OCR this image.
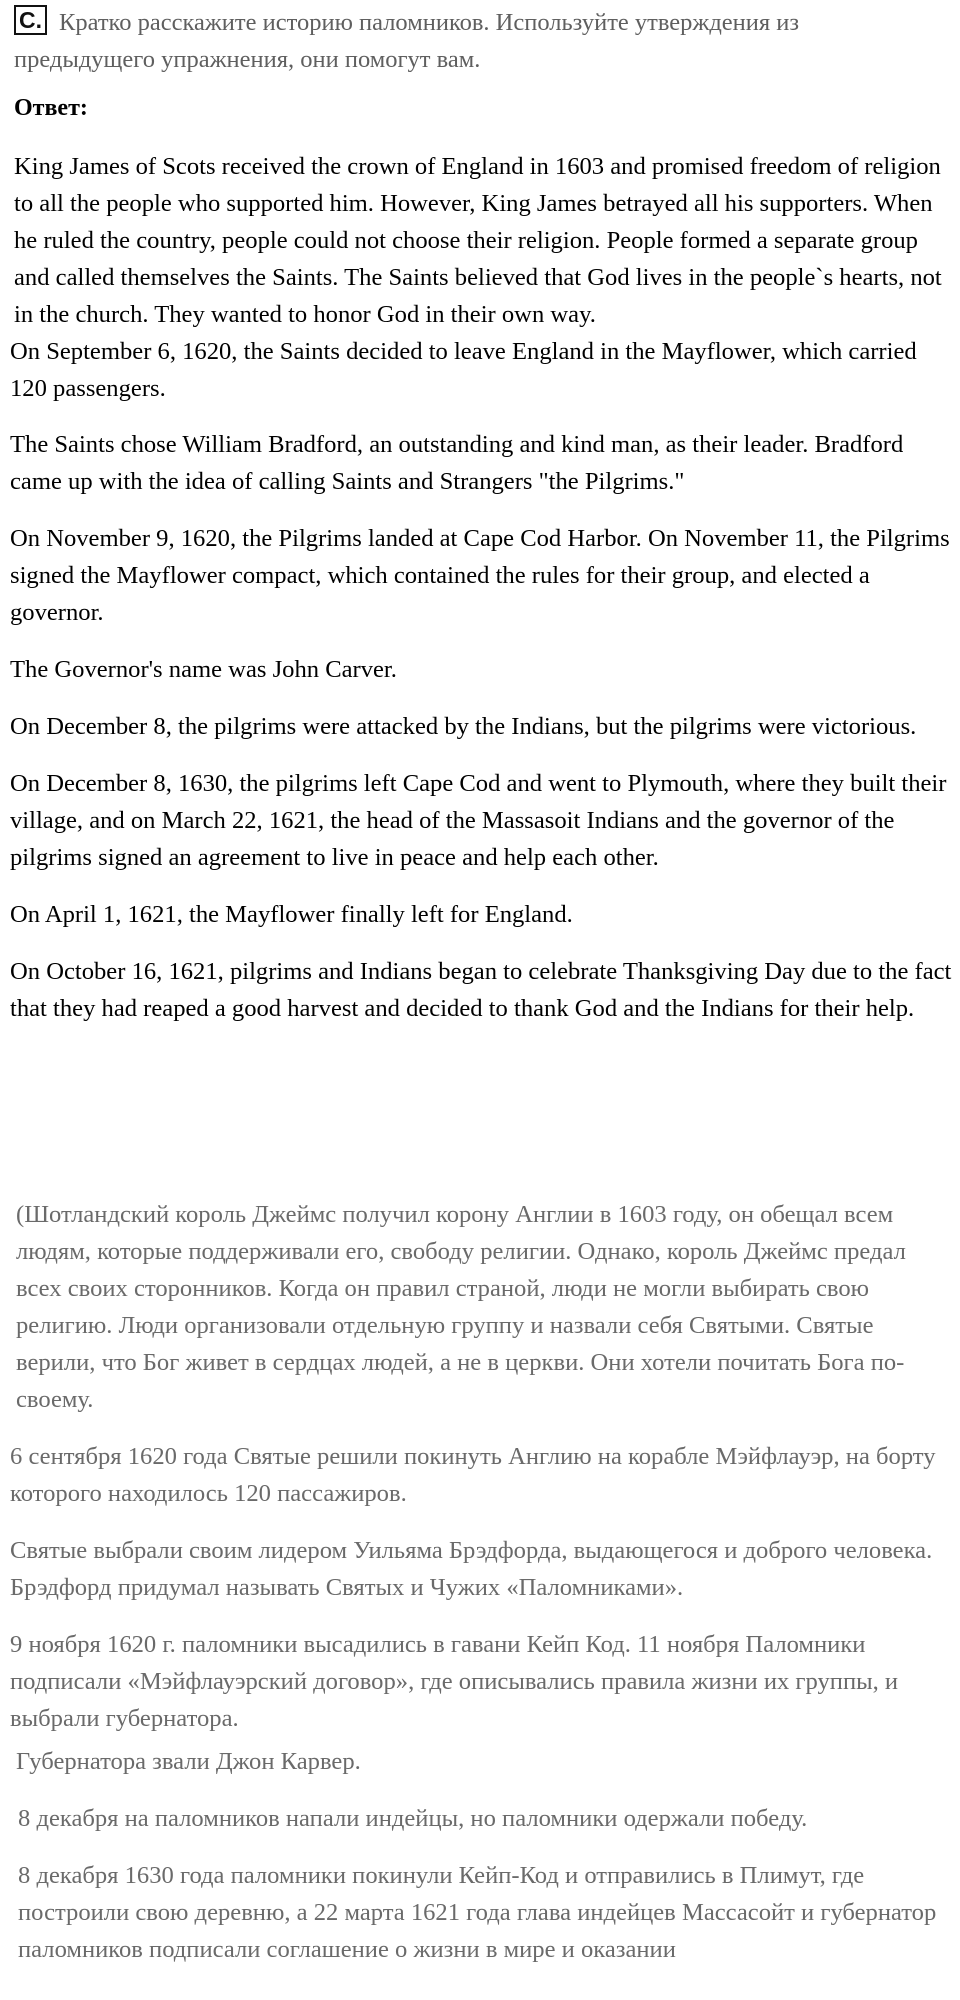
C. Кратко расскажите историю паломников. Используйте утверждения из предыдущего упражнения, они помогут вам.
Ответ:

King James of Scots received the crown of England in 1603 and promised freedom of religion to all the people who supported him. However, King James betrayed all his supporters. When he ruled the country, people could not choose their religion. People formed a separate group and called themselves the Saints. The Saints believed that God lives in the people`s hearts, not in the church. They wanted to honor God in their own way.

On September 6, 1620, the Saints decided to leave England in the Mayflower, which carried 120 passengers.

The Saints chose William Bradford, an outstanding and kind man, as their leader. Bradford came up with the idea of calling Saints and Strangers "the Pilgrims."

On November 9, 1620, the Pilgrims landed at Cape Cod Harbor. On November 11, the Pilgrims signed the Mayflower compact, which contained the rules for their group, and elected a governor.

The Governor's name was John Carver.

On December 8, the pilgrims were attacked by the Indians, but the pilgrims were victorious.

On December 8, 1630, the pilgrims left Cape Cod and went to Plymouth, where they built their village, and on March 22, 1621, the head of the Massasoit Indians and the governor of the pilgrims signed an agreement to live in peace and help each other.

On April 1, 1621, the Mayflower finally left for England.

On October 16, 1621, pilgrims and Indians began to celebrate Thanksgiving Day due to the fact that they had reaped a good harvest and decided to thank God and the Indians for their help.

(Шотландский король Джеймс получил корону Англии в 1603 году, он обещал всем людям, которые поддерживали его, свободу религии. Однако, король Джеймс предал всех своих сторонников. Когда он правил страной, люди не могли выбирать свою религию. Люди организовали отдельную группу и назвали себя Святыми. Святые верили, что Бог живет в сердцах людей, а не в церкви. Они хотели почитать Бога по-своему.

6 сентября 1620 года Святые решили покинуть Англию на корабле Мэйфлауэр, на борту которого находилось 120 пассажиров.

Святые выбрали своим лидером Уильяма Брэдфорда, выдающегося и доброго человека. Брэдфорд придумал называть Святых и Чужих «Паломниками».

9 ноября 1620 г. паломники высадились в гавани Кейп Код. 11 ноября Паломники подписали «Мэйфлауэрский договор», где описывались правила жизни их группы, и выбрали губернатора.

Губернатора звали Джон Карвер.

8 декабря на паломников напали индейцы, но паломники одержали победу.

8 декабря 1630 года паломники покинули Кейп-Код и отправились в Плимут, где построили свою деревню, а 22 марта 1621 года глава индейцев Массасойт и губернатор паломников подписали соглашение о жизни в мире и оказании
